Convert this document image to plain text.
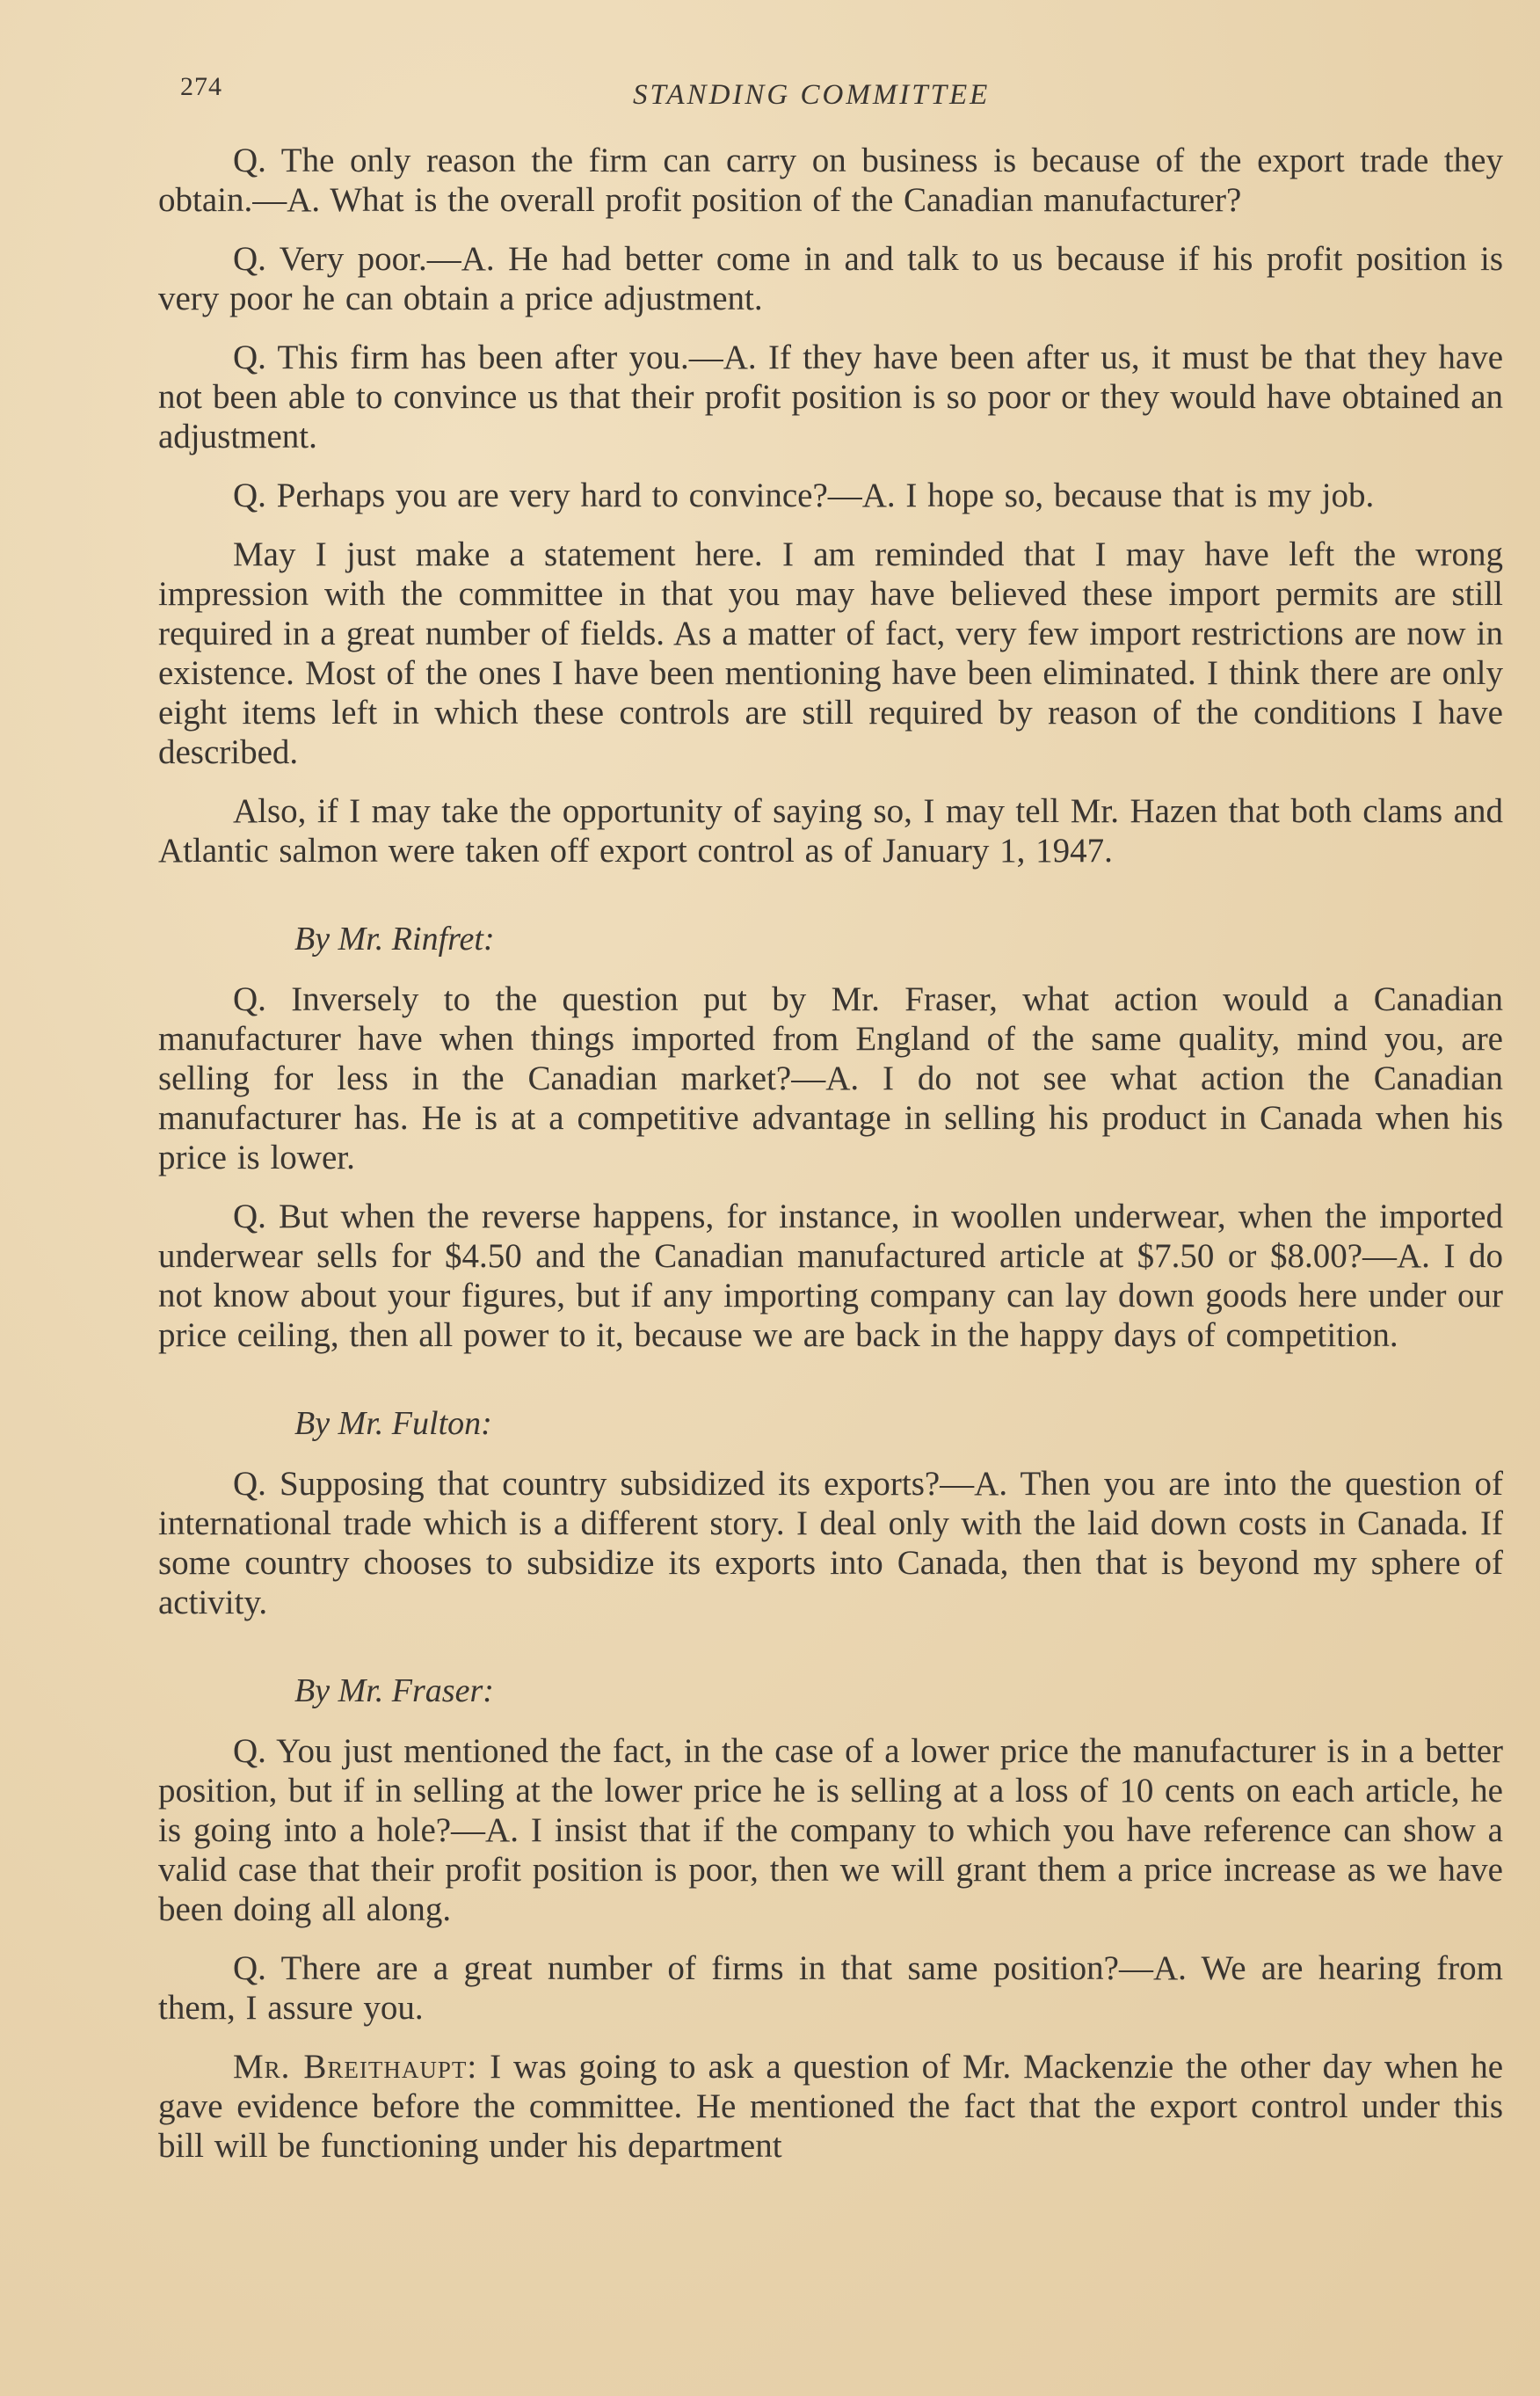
274	STANDING COMMITTEE

Q. The only reason the firm can carry on business is because of the export trade they obtain.—A. What is the overall profit position of the Canadian manufacturer?

Q. Very poor.—A. He had better come in and talk to us because if his profit position is very poor he can obtain a price adjustment.

Q. This firm has been after you.—A. If they have been after us, it must be that they have not been able to convince us that their profit position is so poor or they would have obtained an adjustment.

Q. Perhaps you are very hard to convince?—A. I hope so, because that is my job.

May I just make a statement here. I am reminded that I may have left the wrong impression with the committee in that you may have believed these import permits are still required in a great number of fields. As a matter of fact, very few import restrictions are now in existence. Most of the ones I have been mentioning have been eliminated. I think there are only eight items left in which these controls are still required by reason of the conditions I have described.

Also, if I may take the opportunity of saying so, I may tell Mr. Hazen that both clams and Atlantic salmon were taken off export control as of January 1, 1947.

By Mr. Rinfret:

Q. Inversely to the question put by Mr. Fraser, what action would a Canadian manufacturer have when things imported from England of the same quality, mind you, are selling for less in the Canadian market?—A. I do not see what action the Canadian manufacturer has. He is at a competitive advantage in selling his product in Canada when his price is lower.

Q. But when the reverse happens, for instance, in woollen underwear, when the imported underwear sells for $4.50 and the Canadian manufactured article at $7.50 or $8.00?—A. I do not know about your figures, but if any importing company can lay down goods here under our price ceiling, then all power to it, because we are back in the happy days of competition.

By Mr. Fulton:

Q. Supposing that country subsidized its exports?—A. Then you are into the question of international trade which is a different story. I deal only with the laid down costs in Canada. If some country chooses to subsidize its exports into Canada, then that is beyond my sphere of activity.

By Mr. Fraser:

Q. You just mentioned the fact, in the case of a lower price the manufacturer is in a better position, but if in selling at the lower price he is selling at a loss of 10 cents on each article, he is going into a hole?—A. I insist that if the company to which you have reference can show a valid case that their profit position is poor, then we will grant them a price increase as we have been doing all along.

Q. There are a great number of firms in that same position?—A. We are hearing from them, I assure you.

Mr. Breithaupt: I was going to ask a question of Mr. Mackenzie the other day when he gave evidence before the committee. He mentioned the fact that the export control under this bill will be functioning under his department
